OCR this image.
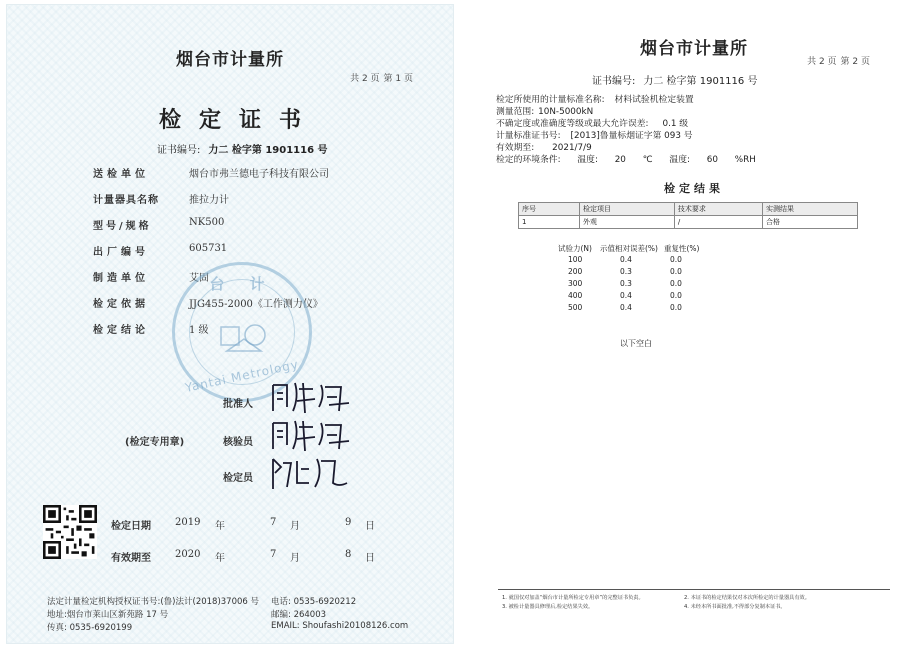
烟台市计量所
共 2 页 第 1 页
检定证书
证书编号: 力二 检字第 1901116 号
送检单位	烟台市弗兰德电子科技有限公司
计量器具名称	推拉力计
型号/规格	NK500
出厂编号	605731
制造单位	艾固
检定依据	JJG455-2000《工作测力仪》
检定结论	1 级
台 计
Yantai Metrology
批准人
(检定专用章)	核验员
检定员
检定日期	2019	年	7	月	9	日
有效期至	2020	年	7	月	8	日
法定计量检定机构授权证书号:(鲁)法计(2018)37006 号 电话: 0535-6920212
地址:烟台市莱山区新苑路 17 号	邮编: 264003
传真: 0535-6920199	EMAIL: Shoufashi20108126.com
烟台市计量所
共 2 页 第 2 页
证书编号: 力二 检字第 1901116 号
检定所使用的计量标准名称: 材料试验机检定装置
测量范围: 10N-5000kN
不确定度或准确度等级或最大允许误差: 0.1 级
计量标准证书号: [2013]鲁量标烟证字第 093 号
有效期至: 2021/7/9
检定的环境条件: 温度: 20 ℃ 温度: 60 %RH
检定结果
序号	检定项目	技术要求	实测结果
1	外观	/	合格
试验力(N)	示值相对误差(%) 重复性(%)
100	0.4	0.0
200	0.3	0.0
300	0.3	0.0
400	0.4	0.0
500	0.4	0.0
以下空白
1. 就国仅对加盖“烟台市计量所检定专用章”的完整证书负责。	2. 本证书的检定结果仅对本次所检定的计量器具有效。
3. 被检计量器具修理后,检定结果失效。	4. 未经本所书面批准,不得部分复制本证书。
